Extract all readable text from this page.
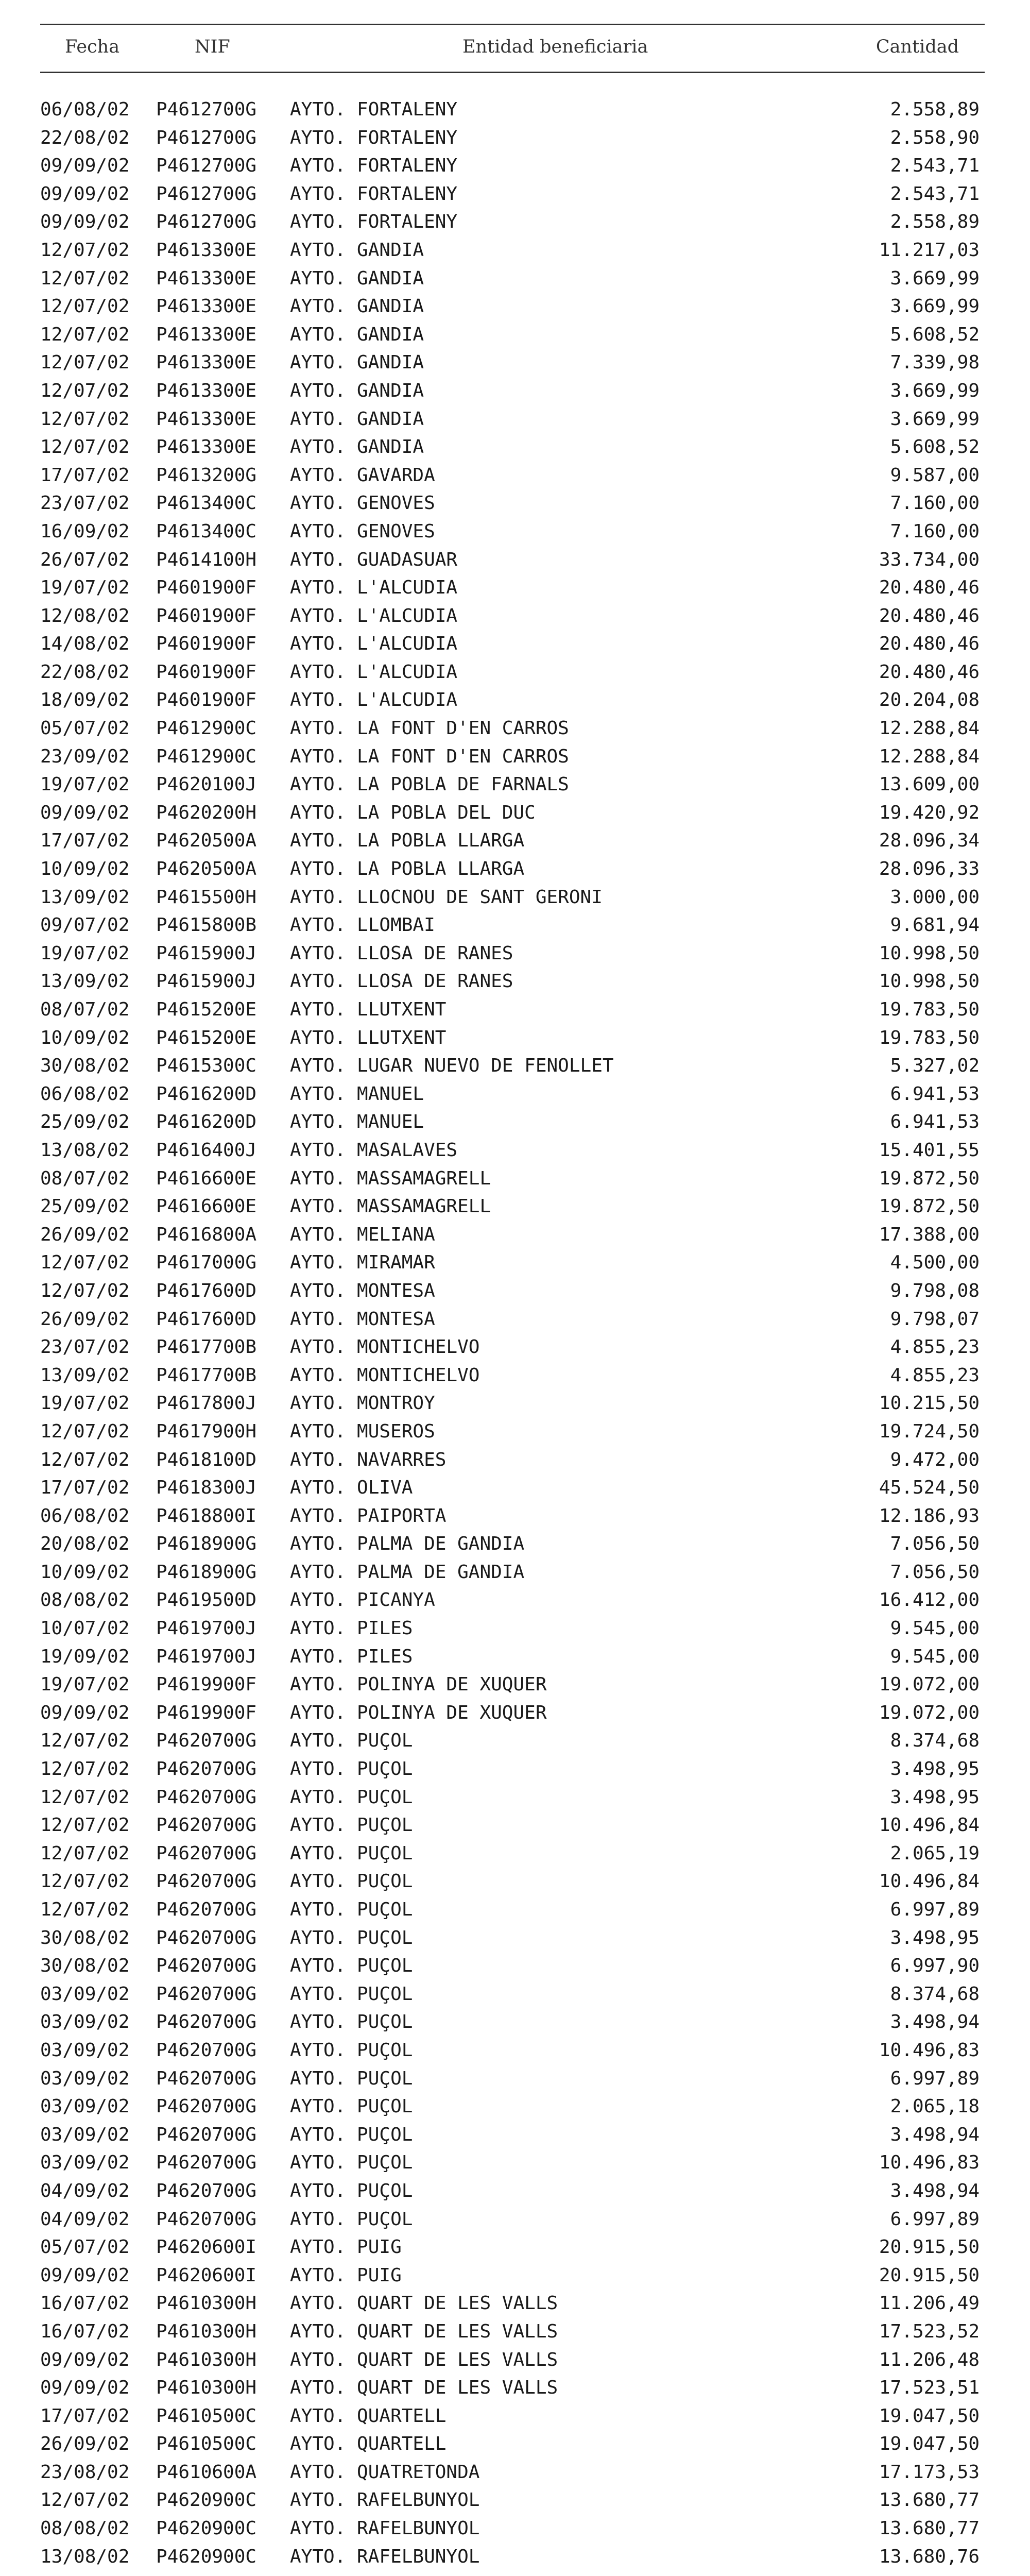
Fecha	NIF	Entidad beneficiaria	Cantidad
06/08/02 P4612700G AYTO. FORTALENY	2.558,89
22/08/02 P4612700G AYTO. FORTALENY	2.558,90
09/09/02 P4612700G AYTO. FORTALENY	2.543,71
09/09/02 P4612700G AYTO. FORTALENY	2.543,71
09/09/02 P4612700G AYTO. FORTALENY	2.558,89
12/07/02 P4613300E AYTO. GANDIA	11.217,03
12/07/02 P4613300E AYTO. GANDIA	3.669,99
12/07/02 P4613300E AYTO. GANDIA	3.669,99
12/07/02 P4613300E AYTO. GANDIA	5.608,52
12/07/02 P4613300E AYTO. GANDIA	7.339,98
12/07/02 P4613300E AYTO. GANDIA	3.669,99
12/07/02 P4613300E AYTO. GANDIA	3.669,99
12/07/02 P4613300E AYTO. GANDIA	5.608,52
17/07/02 P4613200G AYTO. GAVARDA	9.587,00
23/07/02 P4613400C AYTO. GENOVES	7.160,00
16/09/02 P4613400C AYTO. GENOVES	7.160,00
26/07/02 P4614100H AYTO. GUADASUAR	33.734,00
19/07/02 P4601900F AYTO. L'ALCUDIA	20.480,46
12/08/02 P4601900F AYTO. L'ALCUDIA	20.480,46
14/08/02 P4601900F AYTO. L'ALCUDIA	20.480,46
22/08/02 P4601900F AYTO. L'ALCUDIA	20.480,46
18/09/02 P4601900F AYTO. L'ALCUDIA	20.204,08
05/07/02 P4612900C AYTO. LA FONT D'EN CARROS	12.288,84
23/09/02 P4612900C AYTO. LA FONT D'EN CARROS	12.288,84
19/07/02 P4620100J AYTO. LA POBLA DE FARNALS	13.609,00
09/09/02 P4620200H AYTO. LA POBLA DEL DUC	19.420,92
17/07/02 P4620500A AYTO. LA POBLA LLARGA	28.096,34
10/09/02 P4620500A AYTO. LA POBLA LLARGA	28.096,33
13/09/02 P4615500H AYTO. LLOCNOU DE SANT GERONI	3.000,00
09/07/02 P4615800B AYTO. LLOMBAI	9.681,94
19/07/02 P4615900J AYTO. LLOSA DE RANES	10.998,50
13/09/02 P4615900J AYTO. LLOSA DE RANES	10.998,50
08/07/02 P4615200E AYTO. LLUTXENT	19.783,50
10/09/02 P4615200E AYTO. LLUTXENT	19.783,50
30/08/02 P4615300C AYTO. LUGAR NUEVO DE FENOLLET	5.327,02
06/08/02 P4616200D AYTO. MANUEL	6.941,53
25/09/02 P4616200D AYTO. MANUEL	6.941,53
13/08/02 P4616400J AYTO. MASALAVES	15.401,55
08/07/02 P4616600E AYTO. MASSAMAGRELL	19.872,50
25/09/02 P4616600E AYTO. MASSAMAGRELL	19.872,50
26/09/02 P4616800A AYTO. MELIANA	17.388,00
12/07/02 P4617000G AYTO. MIRAMAR	4.500,00
12/07/02 P4617600D AYTO. MONTESA	9.798,08
26/09/02 P4617600D AYTO. MONTESA	9.798,07
23/07/02 P4617700B AYTO. MONTICHELVO	4.855,23
13/09/02 P4617700B AYTO. MONTICHELVO	4.855,23
19/07/02 P4617800J AYTO. MONTROY	10.215,50
12/07/02 P4617900H AYTO. MUSEROS	19.724,50
12/07/02 P4618100D AYTO. NAVARRES	9.472,00
17/07/02 P4618300J AYTO. OLIVA	45.524,50
06/08/02 P4618800I AYTO. PAIPORTA	12.186,93
20/08/02 P4618900G AYTO. PALMA DE GANDIA	7.056,50
10/09/02 P4618900G AYTO. PALMA DE GANDIA	7.056,50
08/08/02 P4619500D AYTO. PICANYA	16.412,00
10/07/02 P4619700J AYTO. PILES	9.545,00
19/09/02 P4619700J AYTO. PILES	9.545,00
19/07/02 P4619900F AYTO. POLINYA DE XUQUER	19.072,00
09/09/02 P4619900F AYTO. POLINYA DE XUQUER	19.072,00
12/07/02 P4620700G AYTO. PUÇOL	8.374,68
12/07/02 P4620700G AYTO. PUÇOL	3.498,95
12/07/02 P4620700G AYTO. PUÇOL	3.498,95
12/07/02 P4620700G AYTO. PUÇOL	10.496,84
12/07/02 P4620700G AYTO. PUÇOL	2.065,19
12/07/02 P4620700G AYTO. PUÇOL	10.496,84
12/07/02 P4620700G AYTO. PUÇOL	6.997,89
30/08/02 P4620700G AYTO. PUÇOL	3.498,95
30/08/02 P4620700G AYTO. PUÇOL	6.997,90
03/09/02 P4620700G AYTO. PUÇOL	8.374,68
03/09/02 P4620700G AYTO. PUÇOL	3.498,94
03/09/02 P4620700G AYTO. PUÇOL	10.496,83
03/09/02 P4620700G AYTO. PUÇOL	6.997,89
03/09/02 P4620700G AYTO. PUÇOL	2.065,18
03/09/02 P4620700G AYTO. PUÇOL	3.498,94
03/09/02 P4620700G AYTO. PUÇOL	10.496,83
04/09/02 P4620700G AYTO. PUÇOL	3.498,94
04/09/02 P4620700G AYTO. PUÇOL	6.997,89
05/07/02 P4620600I AYTO. PUIG	20.915,50
09/09/02 P4620600I AYTO. PUIG	20.915,50
16/07/02 P4610300H AYTO. QUART DE LES VALLS	11.206,49
16/07/02 P4610300H AYTO. QUART DE LES VALLS	17.523,52
09/09/02 P4610300H AYTO. QUART DE LES VALLS	11.206,48
09/09/02 P4610300H AYTO. QUART DE LES VALLS	17.523,51
17/07/02 P4610500C AYTO. QUARTELL	19.047,50
26/09/02 P4610500C AYTO. QUARTELL	19.047,50
23/08/02 P4610600A AYTO. QUATRETONDA	17.173,53
12/07/02 P4620900C AYTO. RAFELBUNYOL	13.680,77
08/08/02 P4620900C AYTO. RAFELBUNYOL	13.680,77
13/08/02 P4620900C AYTO. RAFELBUNYOL	13.680,76
